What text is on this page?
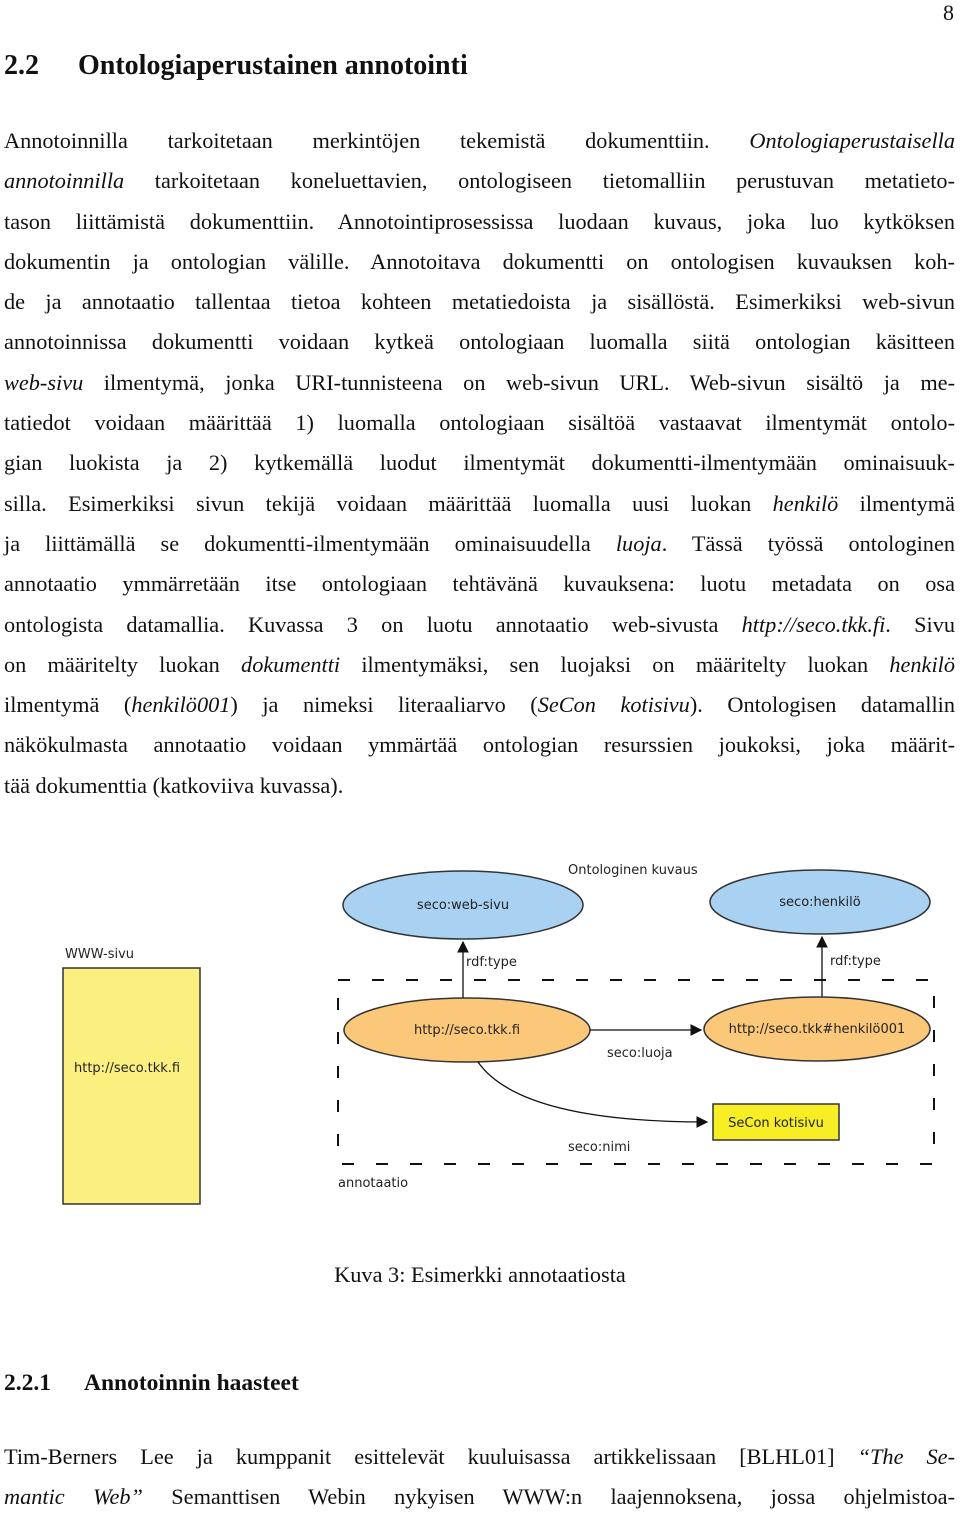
8
2.2 Ontologiaperustainen annotointi
Annotoinnilla tarkoitetaan merkintöjen tekemistä dokumenttiin. Ontologiaperustaisella
annotoinnilla tarkoitetaan koneluettavien, ontologiseen tietomalliin perustuvan metatieto-
tason liittämistä dokumenttiin. Annotointiprosessissa luodaan kuvaus, joka luo kytköksen
dokumentin ja ontologian välille. Annotoitava dokumentti on ontologisen kuvauksen koh-
de ja annotaatio tallentaa tietoa kohteen metatiedoista ja sisällöstä. Esimerkiksi web-sivun
annotoinnissa dokumentti voidaan kytkeä ontologiaan luomalla siitä ontologian käsitteen
web-sivu ilmentymä, jonka URI-tunnisteena on web-sivun URL. Web-sivun sisältö ja me-
tatiedot voidaan määrittää 1) luomalla ontologiaan sisältöä vastaavat ilmentymät ontolo-
gian luokista ja 2) kytkemällä luodut ilmentymät dokumentti-ilmentymään ominaisuuk-
silla. Esimerkiksi sivun tekijä voidaan määrittää luomalla uusi luokan henkilö ilmentymä
ja liittämällä se dokumentti-ilmentymään ominaisuudella luoja. Tässä työssä ontologinen
annotaatio ymmärretään itse ontologiaan tehtävänä kuvauksena: luotu metadata on osa
ontologista datamallia. Kuvassa 3 on luotu annotaatio web-sivusta http://seco.tkk.fi. Sivu
on määritelty luokan dokumentti ilmentymäksi, sen luojaksi on määritelty luokan henkilö
ilmentymä (henkilö001) ja nimeksi literaaliarvo (SeCon kotisivu). Ontologisen datamallin
näkökulmasta annotaatio voidaan ymmärtää ontologian resurssien joukoksi, joka määrit-
tää dokumenttia (katkoviiva kuvassa).
Ontologinen kuvaus
seco:web-sivu	seco:henkilö
WWW-sivu
http://seco.tkk.fi
rdf:type	rdf:type
http://seco.tkk.fi	http://seco.tkk#henkilö001
seco:luoja
SeCon kotisivu
seco:nimi
annotaatio
Kuva 3: Esimerkki annotaatiosta
2.2.1 Annotoinnin haasteet
Tim-Berners Lee ja kumppanit esittelevät kuuluisassa artikkelissaan [BLHL01] “The Se-
mantic Web” Semanttisen Webin nykyisen WWW:n laajennoksena, jossa ohjelmistoa-
